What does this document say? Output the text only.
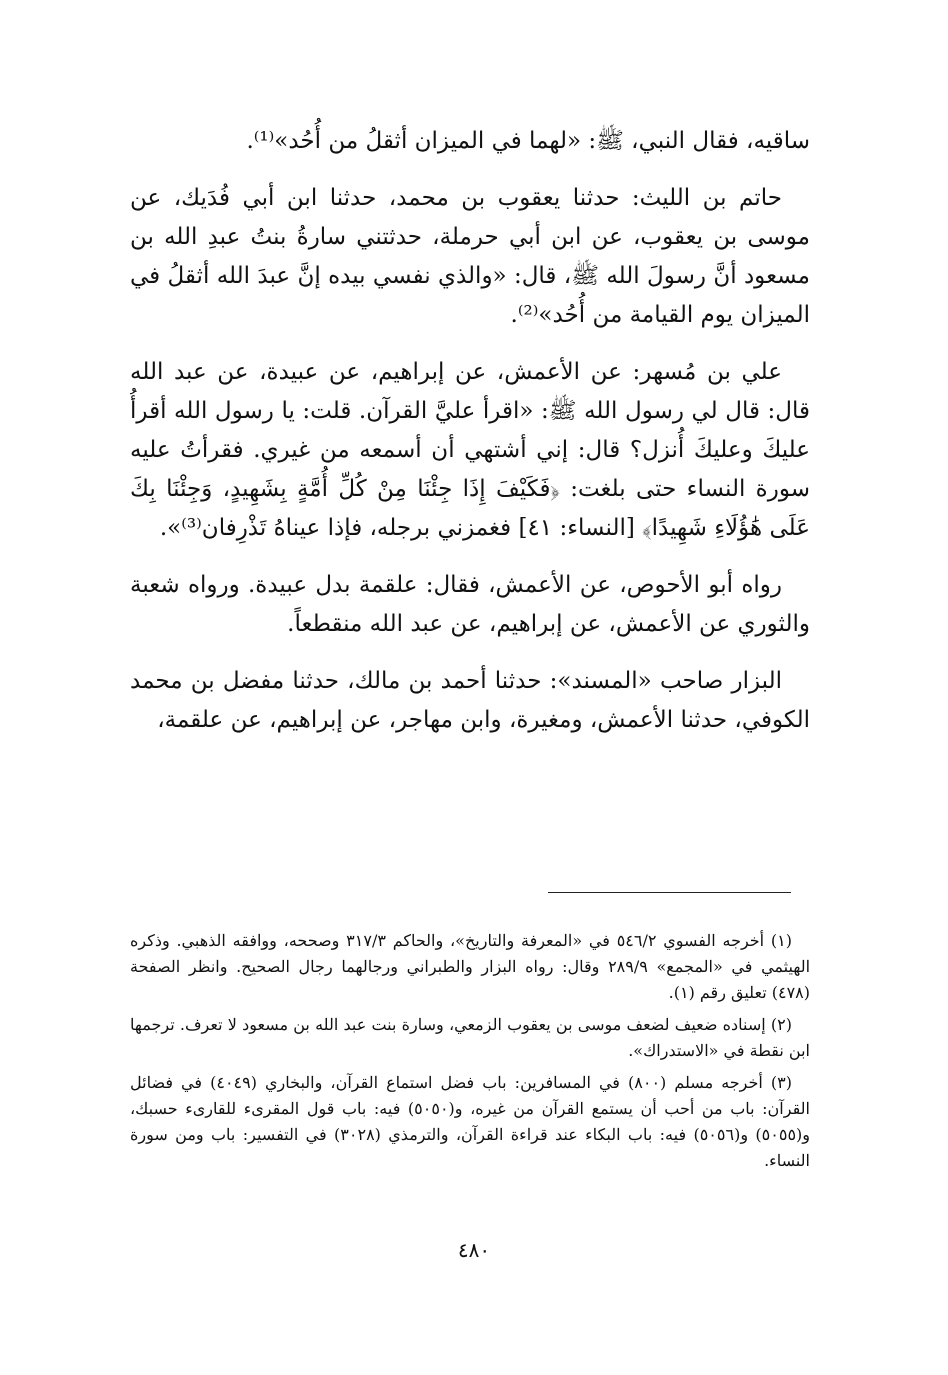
ساقيه، فقال النبي، ﷺ: «لهما في الميزان أثقلُ من أُحُد»⁽¹⁾.

حاتم بن الليث: حدثنا يعقوب بن محمد، حدثنا ابن أبي فُدَيك، عن موسى بن يعقوب، عن ابن أبي حرملة، حدثتني سارةُ بنتُ عبدِ الله بن مسعود أنَّ رسولَ الله ﷺ، قال: «والذي نفسي بيده إنَّ عبدَ الله أثقلُ في الميزان يوم القيامة من أُحُد»⁽²⁾.

علي بن مُسهر: عن الأعمش، عن إبراهيم، عن عبيدة، عن عبد الله قال: قال لي رسول الله ﷺ: «اقرأ عليَّ القرآن. قلت: يا رسول الله أقرأُ عليكَ وعليكَ أُنزل؟ قال: إني أشتهي أن أسمعه من غيري. فقرأتُ عليه سورة النساء حتى بلغت: ﴿فَكَيْفَ إِذَا جِئْنَا مِنْ كُلِّ أُمَّةٍ بِشَهِيدٍ، وَجِئْنَا بِكَ عَلَى هَٰؤُلَاءِ شَهِيدًا﴾ [النساء: ٤١] فغمزني برجله، فإذا عيناهُ تَذْرِفان⁽³⁾».

رواه أبو الأحوص، عن الأعمش، فقال: علقمة بدل عبيدة. ورواه شعبة والثوري عن الأعمش، عن إبراهيم، عن عبد الله منقطعاً.

البزار صاحب «المسند»: حدثنا أحمد بن مالك، حدثنا مفضل بن محمد الكوفي، حدثنا الأعمش، ومغيرة، وابن مهاجر، عن إبراهيم، عن علقمة،

(١) أخرجه الفسوي ٥٤٦/٢ في «المعرفة والتاريخ»، والحاكم ٣١٧/٣ وصححه، ووافقه الذهبي. وذكره الهيثمي في «المجمع» ٢٨٩/٩ وقال: رواه البزار والطبراني ورجالهما رجال الصحيح. وانظر الصفحة (٤٧٨) تعليق رقم (١).

(٢) إسناده ضعيف لضعف موسى بن يعقوب الزمعي، وسارة بنت عبد الله بن مسعود لا تعرف. ترجمها ابن نقطة في «الاستدراك».

(٣) أخرجه مسلم (٨٠٠) في المسافرين: باب فضل استماع القرآن، والبخاري (٤٠٤٩) في فضائل القرآن: باب من أحب أن يستمع القرآن من غيره، و(٥٠٥٠) فيه: باب قول المقرىء للقارىء حسبك، و(٥٠٥٥) و(٥٠٥٦) فيه: باب البكاء عند قراءة القرآن، والترمذي (٣٠٢٨) في التفسير: باب ومن سورة النساء.

٤٨٠
